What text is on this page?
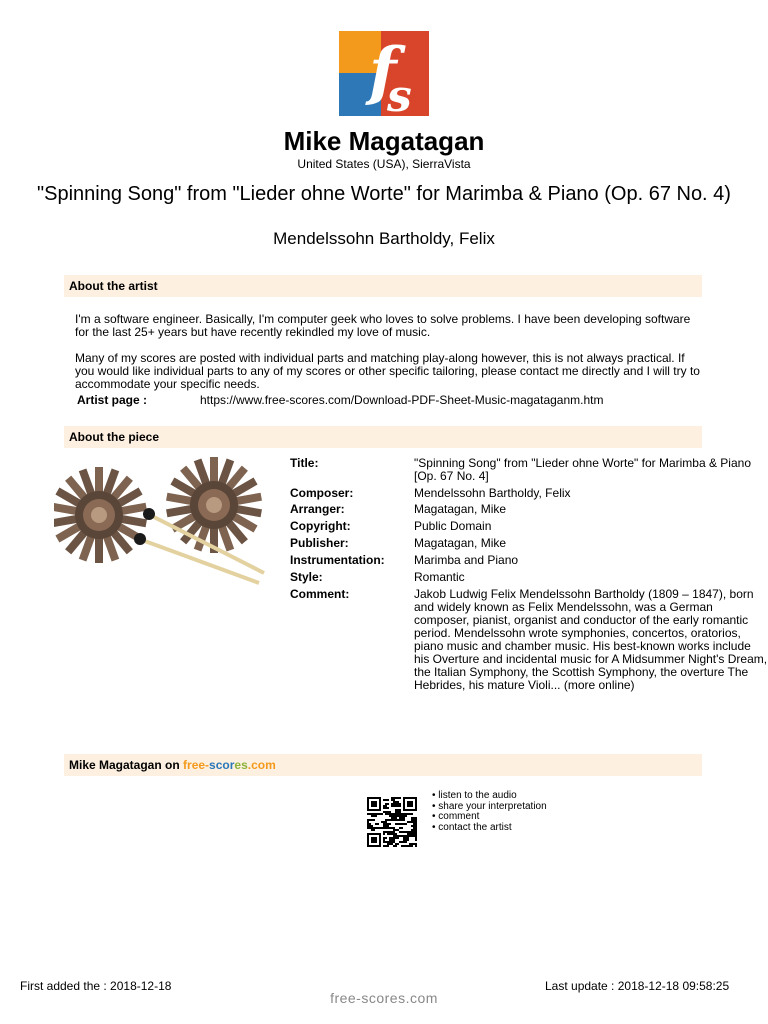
f
s
Mike Magatagan
United States (USA), SierraVista
"Spinning Song" from "Lieder ohne Worte" for Marimba & Piano (Op. 67 No. 4)
Mendelssohn Bartholdy, Felix
About the artist

I'm a software engineer. Basically, I'm computer geek who loves to solve problems. I have been developing software for the last 25+ years but have recently rekindled my love of music.

Many of my scores are posted with individual parts and matching play-along however, this is not always practical. If you would like individual parts to any of my scores or other specific tailoring, please contact me directly and I will try to accommodate your specific needs.

Artist page :	https://www.free-scores.com/Download-PDF-Sheet-Music-magataganm.htm
About the piece
Title:	"Spinning Song" from "Lieder ohne Worte" for Marimba & Piano [Op. 67 No. 4]
Composer:	Mendelssohn Bartholdy, Felix
Arranger:	Magatagan, Mike
Copyright:	Public Domain
Publisher:	Magatagan, Mike
Instrumentation:	Marimba and Piano
Style:	Romantic
Comment:	Jakob Ludwig Felix Mendelssohn Bartholdy (1809 – 1847), born and widely known as Felix Mendelssohn, was a German composer, pianist, organist and conductor of the early romantic period. Mendelssohn wrote symphonies, concertos, oratorios, piano music and chamber music. His best-known works include his Overture and incidental music for A Midsummer Night's Dream, the Italian Symphony, the Scottish Symphony, the overture The Hebrides, his mature Violi... (more online)
Mike Magatagan on free-scores.com
• listen to the audio
• share your interpretation
• comment
• contact the artist
First added the : 2018-12-18	Last update : 2018-12-18 09:58:25
free-scores.com
